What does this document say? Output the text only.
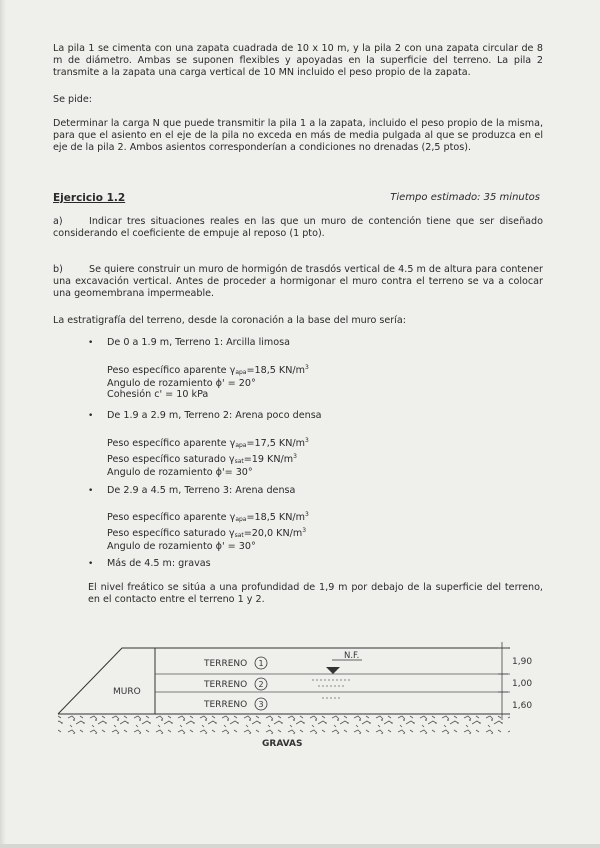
La pila 1 se cimenta con una zapata cuadrada de 10 x 10 m, y la pila 2 con una zapata circular de 8 m de diámetro. Ambas se suponen flexibles y apoyadas en la superficie del terreno. La pila 2 transmite a la zapata una carga vertical de 10 MN incluido el peso propio de la zapata.
Se pide:
Determinar la carga N que puede transmitir la pila 1 a la zapata, incluido el peso propio de la misma, para que el asiento en el eje de la pila no exceda en más de media pulgada al que se produzca en el eje de la pila 2. Ambos asientos corresponderían a condiciones no drenadas (2,5 ptos).
Ejercicio 1.2	Tiempo estimado: 35 minutos
a)	Indicar tres situaciones reales en las que un muro de contención tiene que ser diseñado considerando el coeficiente de empuje al reposo (1 pto).
b)	Se quiere construir un muro de hormigón de trasdós vertical de 4.5 m de altura para contener una excavación vertical. Antes de proceder a hormigonar el muro contra el terreno se va a colocar una geomembrana impermeable.
La estratigrafía del terreno, desde la coronación a la base del muro sería:
• De 0 a 1.9 m, Terreno 1: Arcilla limosa
Peso específico aparente $\gamma_{apa}=18,5$ $KN/m^3$
Angulo de rozamiento ϕ' = 20°
Cohesión c' = 10 kPa
• De 1.9 a 2.9 m, Terreno 2: Arena poco densa
Peso específico aparente $\gamma_{apa}=17,5$ $KN/m^3$
Peso específico saturado $\gamma_{sat}=19$ $KN/m^3$
Angulo de rozamiento ϕ'= 30°
• De 2.9 a 4.5 m, Terreno 3: Arena densa
Peso específico aparente $\gamma_{apa}=18,5$ $KN/m^3$
Peso específico saturado $\gamma_{sat}=20,0$ $KN/m^3$
Angulo de rozamiento ϕ' = 30°
• Más de 4.5 m: gravas
El nivel freático se sitúa a una profundidad de 1,9 m por debajo de la superficie del terreno, en el contacto entre el terreno 1 y 2.
MURO
TERRENO 1
TERRENO 2
TERRENO 3
N.F.
GRAVAS
1,90
1,00
1,60
